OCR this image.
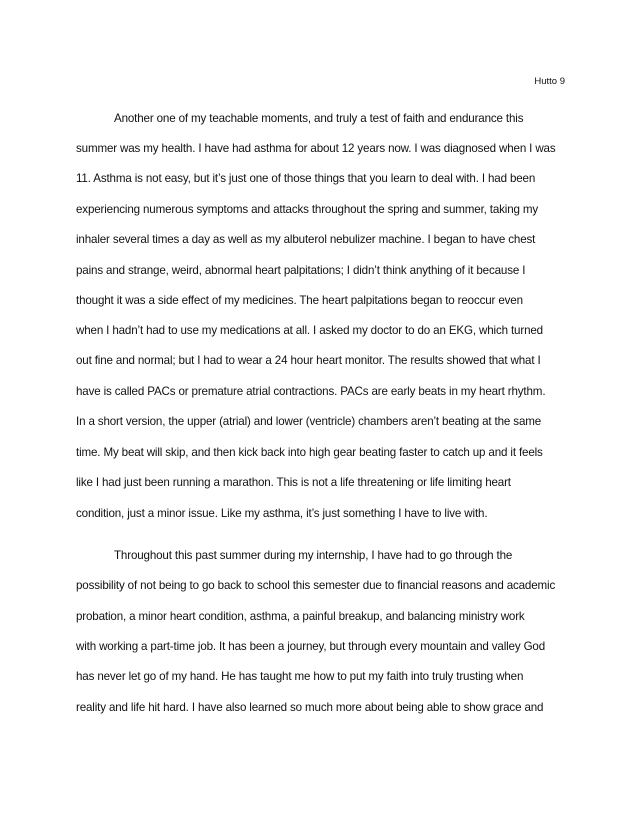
Hutto 9
Another one of my teachable moments, and truly a test of faith and endurance this
summer was my health. I have had asthma for about 12 years now. I was diagnosed when I was
11. Asthma is not easy, but it’s just one of those things that you learn to deal with. I had been
experiencing numerous symptoms and attacks throughout the spring and summer, taking my
inhaler several times a day as well as my albuterol nebulizer machine. I began to have chest
pains and strange, weird, abnormal heart palpitations; I didn’t think anything of it because I
thought it was a side effect of my medicines. The heart palpitations began to reoccur even
when I hadn’t had to use my medications at all. I asked my doctor to do an EKG, which turned
out fine and normal; but I had to wear a 24 hour heart monitor. The results showed that what I
have is called PACs or premature atrial contractions. PACs are early beats in my heart rhythm.
In a short version, the upper (atrial) and lower (ventricle) chambers aren’t beating at the same
time. My beat will skip, and then kick back into high gear beating faster to catch up and it feels
like I had just been running a marathon. This is not a life threatening or life limiting heart
condition, just a minor issue. Like my asthma, it’s just something I have to live with.
Throughout this past summer during my internship, I have had to go through the
possibility of not being to go back to school this semester due to financial reasons and academic
probation, a minor heart condition, asthma, a painful breakup, and balancing ministry work
with working a part-time job. It has been a journey, but through every mountain and valley God
has never let go of my hand. He has taught me how to put my faith into truly trusting when
reality and life hit hard. I have also learned so much more about being able to show grace and
